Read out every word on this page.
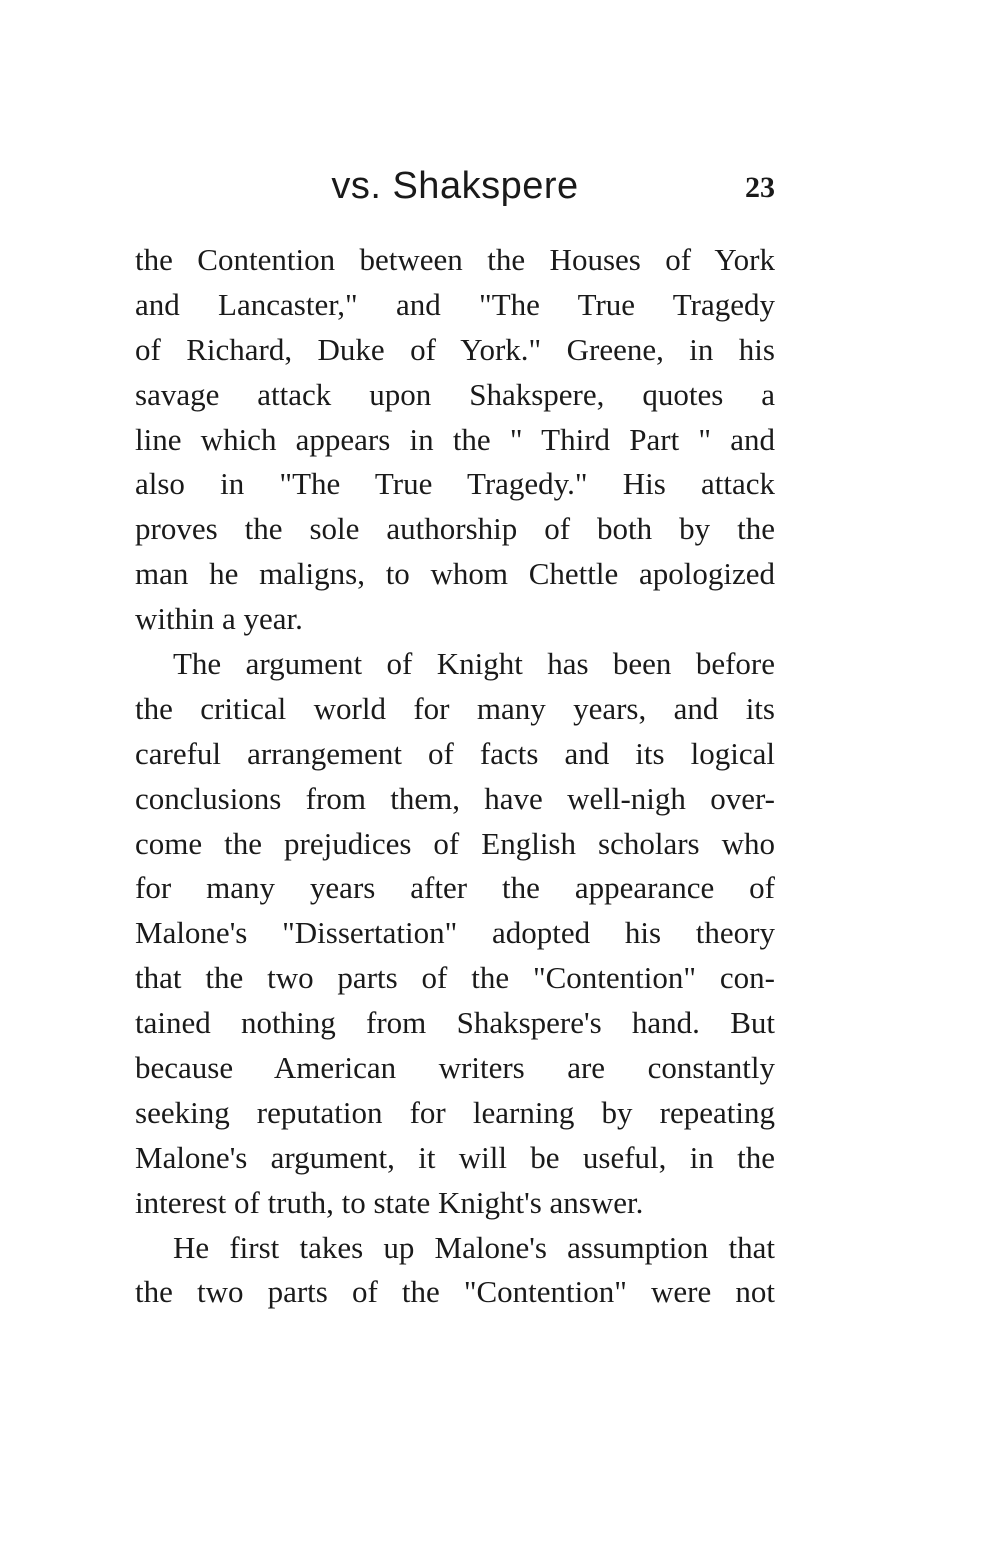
vs. Shakspere	23
the Contention between the Houses of York
and Lancaster," and "The True Tragedy
of Richard, Duke of York." Greene, in his
savage attack upon Shakspere, quotes a
line which appears in the " Third Part " and
also in "The True Tragedy." His attack
proves the sole authorship of both by the
man he maligns, to whom Chettle apologized
within a year.
The argument of Knight has been before
the critical world for many years, and its
careful arrangement of facts and its logical
conclusions from them, have well-nigh over-
come the prejudices of English scholars who
for many years after the appearance of
Malone's "Dissertation" adopted his theory
that the two parts of the "Contention" con-
tained nothing from Shakspere's hand. But
because American writers are constantly
seeking reputation for learning by repeating
Malone's argument, it will be useful, in the
interest of truth, to state Knight's answer.
He first takes up Malone's assumption that
the two parts of the "Contention" were not
